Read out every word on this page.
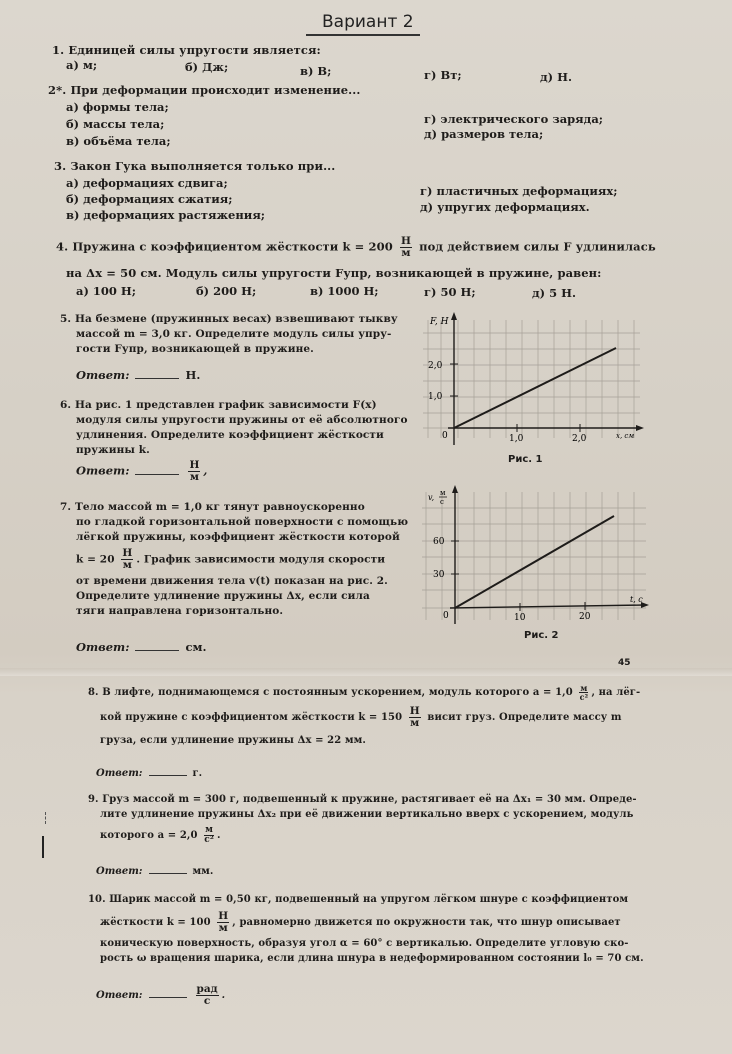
Вариант 2
1. Единицей силы упругости является:
а) м;	б) Дж;	в) В;	г) Вт;	д) Н.
2*. При деформации происходит изменение...
а) формы тела;
б) массы тела;
в) объёма тела;
г) электрического заряда;
д) размеров тела;
3. Закон Гука выполняется только при...
а) деформациях сдвига;
б) деформациях сжатия;
в) деформациях растяжения;
г) пластичных деформациях;
д) упругих деформациях.
4. Пружина с коэффициентом жёсткости $k = 200 \frac{Н}{м}$ под действием силы F удлинилась
на Δx = 50 см. Модуль силы упругости Fупр, возникающей в пружине, равен:
а) 100 Н;	б) 200 Н;	в) 1000 Н;	г) 50 Н;	д) 5 Н.
5. На безмене (пружинных весах) взвешивают тыкву
массой m = 3,0 кг. Определите модуль силы упру-
гости Fупр, возникающей в пружине.
Ответ:	Н.
6. На рис. 1 представлен график зависимости F(x)
модуля силы упругости пружины от её абсолютного
удлинения. Определите коэффициент жёсткости
пружины k.
Ответ:	$\frac{Н}{м}$ ,
7. Тело массой m = 1,0 кг тянут равноускоренно
по гладкой горизонтальной поверхности с помощью
лёгкой пружины, коэффициент жёсткости которой
$k = 20 \frac{Н}{м}$ . График зависимости модуля скорости
от времени движения тела v(t) показан на рис. 2.
Определите удлинение пружины Δx, если сила
тяги направлена горизонтально.
Ответ:	см.
F, Н
2,0
1,0
0	1,0	2,0	x, см
Рис. 1
v, м
с
60
30
0	10	20
t, c
Рис. 2
45
8. В лифте, поднимающемся с постоянным ускорением, модуль которого $a = 1,0 \frac{м}{\text{с²}}$ , на лёг-
кой пружине с коэффициентом жёсткости $k = 150 \frac{Н}{м}$ висит груз. Определите массу m
груза, если удлинение пружины Δx = 22 мм.
Ответ:	г.
9. Груз массой m = 300 г, подвешенный к пружине, растягивает её на Δx₁ = 30 мм. Опреде-
лите удлинение пружины Δx₂ при её движении вертикально вверх с ускорением, модуль
которого $a = 2,0 \frac{м}{\text{с²}}$ .
Ответ:	мм.
10. Шарик массой m = 0,50 кг, подвешенный на упругом лёгком шнуре с коэффициентом
жёсткости $k = 100 \frac{Н}{м}$ , равномерно движется по окружности так, что шнур описывает
коническую поверхность, образуя угол α = 60° с вертикалью. Определите угловую ско-
рость ω вращения шарика, если длина шнура в недеформированном состоянии l₀ = 70 см.
Ответ:	$\frac{\text{рад}}{с}$ .
